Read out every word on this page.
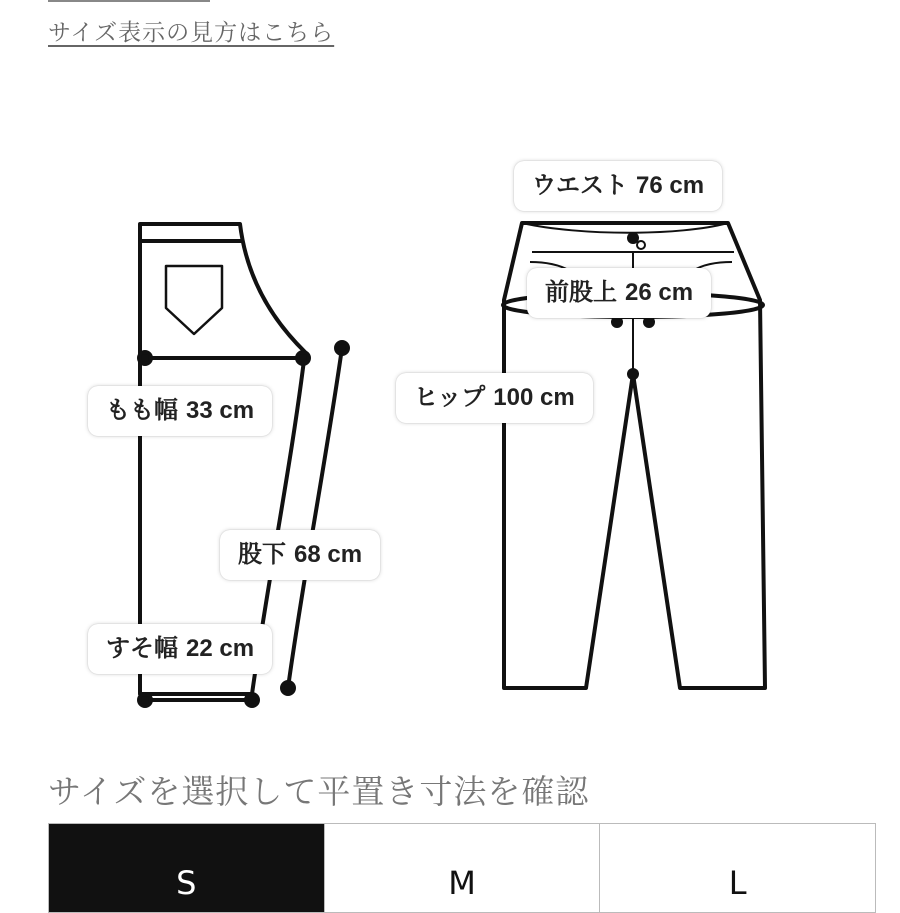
サイズ表示の見方はこちら
もも幅 33 cm
股下 68 cm
すそ幅 22 cm
ウエスト 76 cm
前股上 26 cm
ヒップ 100 cm
サイズを選択して平置き寸法を確認
S	M	L
